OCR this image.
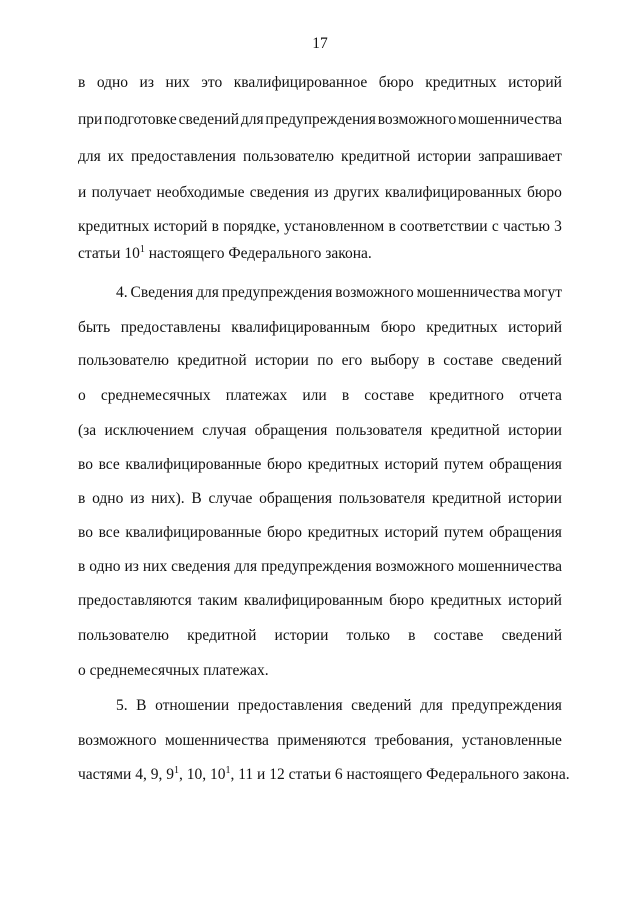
17
в одно из них это квалифицированное бюро кредитных историй
при подготовке сведений для предупреждения возможного мошенничества
для их предоставления пользователю кредитной истории запрашивает
и получает необходимые сведения из других квалифицированных бюро
кредитных историй в порядке, установленном в соответствии с частью 3
статьи $10^1$ настоящего Федерального закона.
4. Сведения для предупреждения возможного мошенничества могут
быть предоставлены квалифицированным бюро кредитных историй
пользователю кредитной истории по его выбору в составе сведений
о среднемесячных платежах или в составе кредитного отчета
(за исключением случая обращения пользователя кредитной истории
во все квалифицированные бюро кредитных историй путем обращения
в одно из них). В случае обращения пользователя кредитной истории
во все квалифицированные бюро кредитных историй путем обращения
в одно из них сведения для предупреждения возможного мошенничества
предоставляются таким квалифицированным бюро кредитных историй
пользователю кредитной истории только в составе сведений
о среднемесячных платежах.
5. В отношении предоставления сведений для предупреждения
возможного мошенничества применяются требования, установленные
частями 4, 9, $9^1$, 10, $10^1$, 11 и 12 статьи 6 настоящего Федерального закона.
